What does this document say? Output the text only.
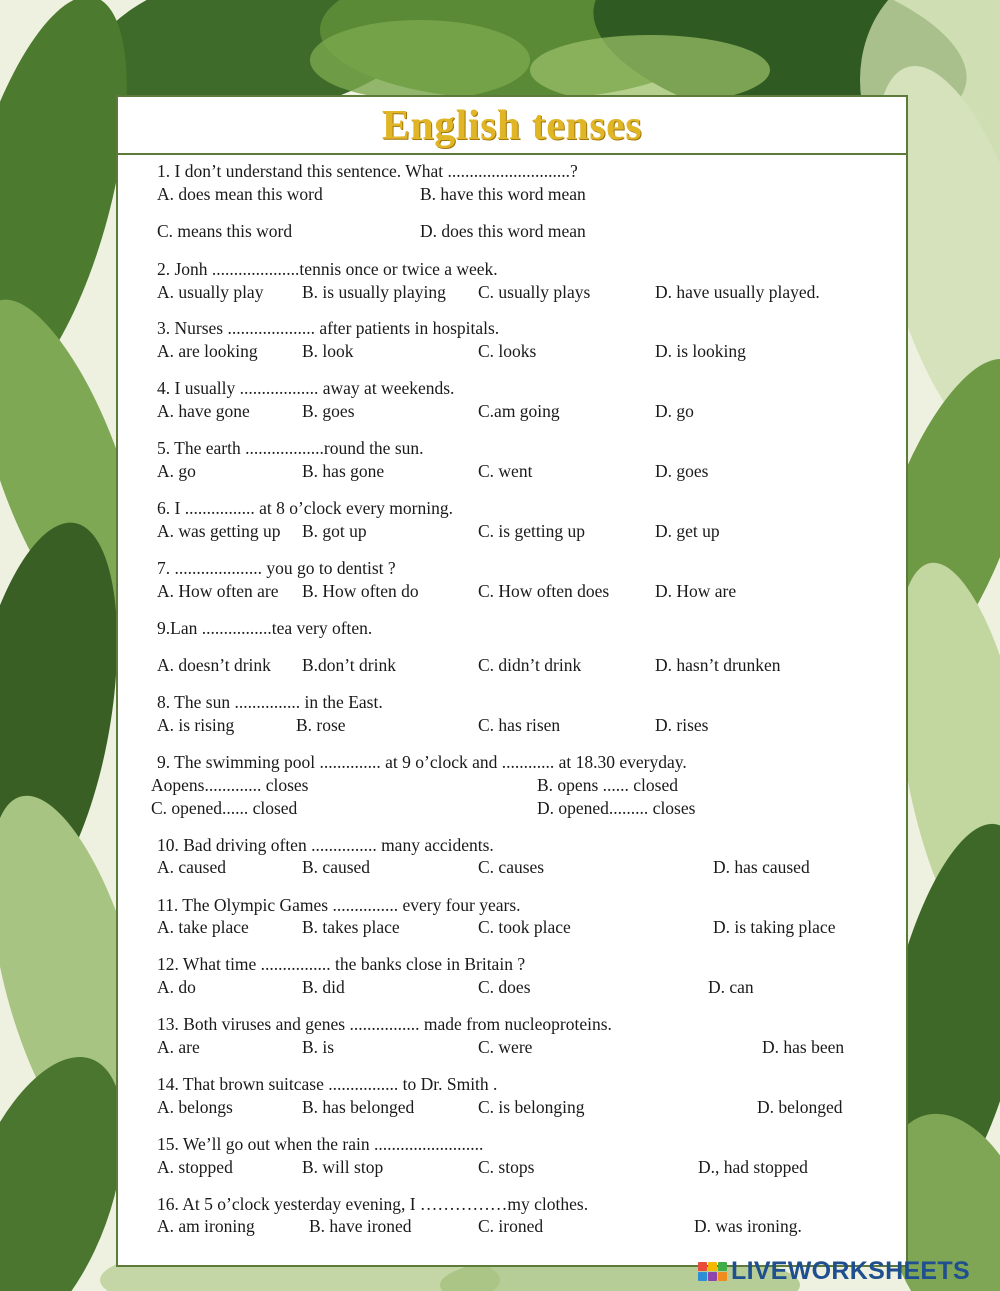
English tenses
1. I don’t understand this sentence. What ............................?
A. does mean this word	B. have this word mean
C. means this word	D. does this word mean
2. Jonh ....................tennis once or twice a week.
A. usually play B. is usually playing C. usually plays	D. have usually played.
3. Nurses .................... after patients in hospitals.
A. are looking	B. look	C. looks	D. is looking
4. I usually .................. away at weekends.
A. have gone	B. goes	C.am going	D. go
5. The earth ..................round the sun.
A. go	B. has gone	C. went	D. goes
6. I ................ at 8 o’clock every morning.
A. was getting up B. got up	C. is getting up	D. get up
7. .................... you go to dentist ?
A. How often are B. How often do	C. How often does	D. How are
9.Lan ................tea very often.
A. doesn’t drink B.don’t drink	C. didn’t drink	D. hasn’t drunken
8. The sun ............... in the East.
A. is rising	B. rose	C. has risen	D. rises
9. The swimming pool .............. at 9 o’clock and ............ at 18.30 everyday.
Aopens............. closes	B. opens ...... closed
C. opened...... closed	D. opened......... closes
10. Bad driving often ............... many accidents.
A. caused	B. caused	C. causes	D. has caused
11. The Olympic Games ............... every four years.
A. take place	B. takes place	C. took place	D. is taking place
12. What time ................ the banks close in Britain ?
A. do	B. did	C. does	D. can
13. Both viruses and genes ................ made from nucleoproteins.
A. are	B. is	C. were	D. has been
14. That brown suitcase ................ to Dr. Smith .
A. belongs	B. has belonged	C. is belonging	D. belonged
15. We’ll go out when the rain .........................
A. stopped	B. will stop	C. stops	D., had stopped
16. At 5 o’clock yesterday evening, I ……………my clothes.
A. am ironing	B. have ironed	C. ironed	D. was ironing.
LIVEWORKSHEETS
